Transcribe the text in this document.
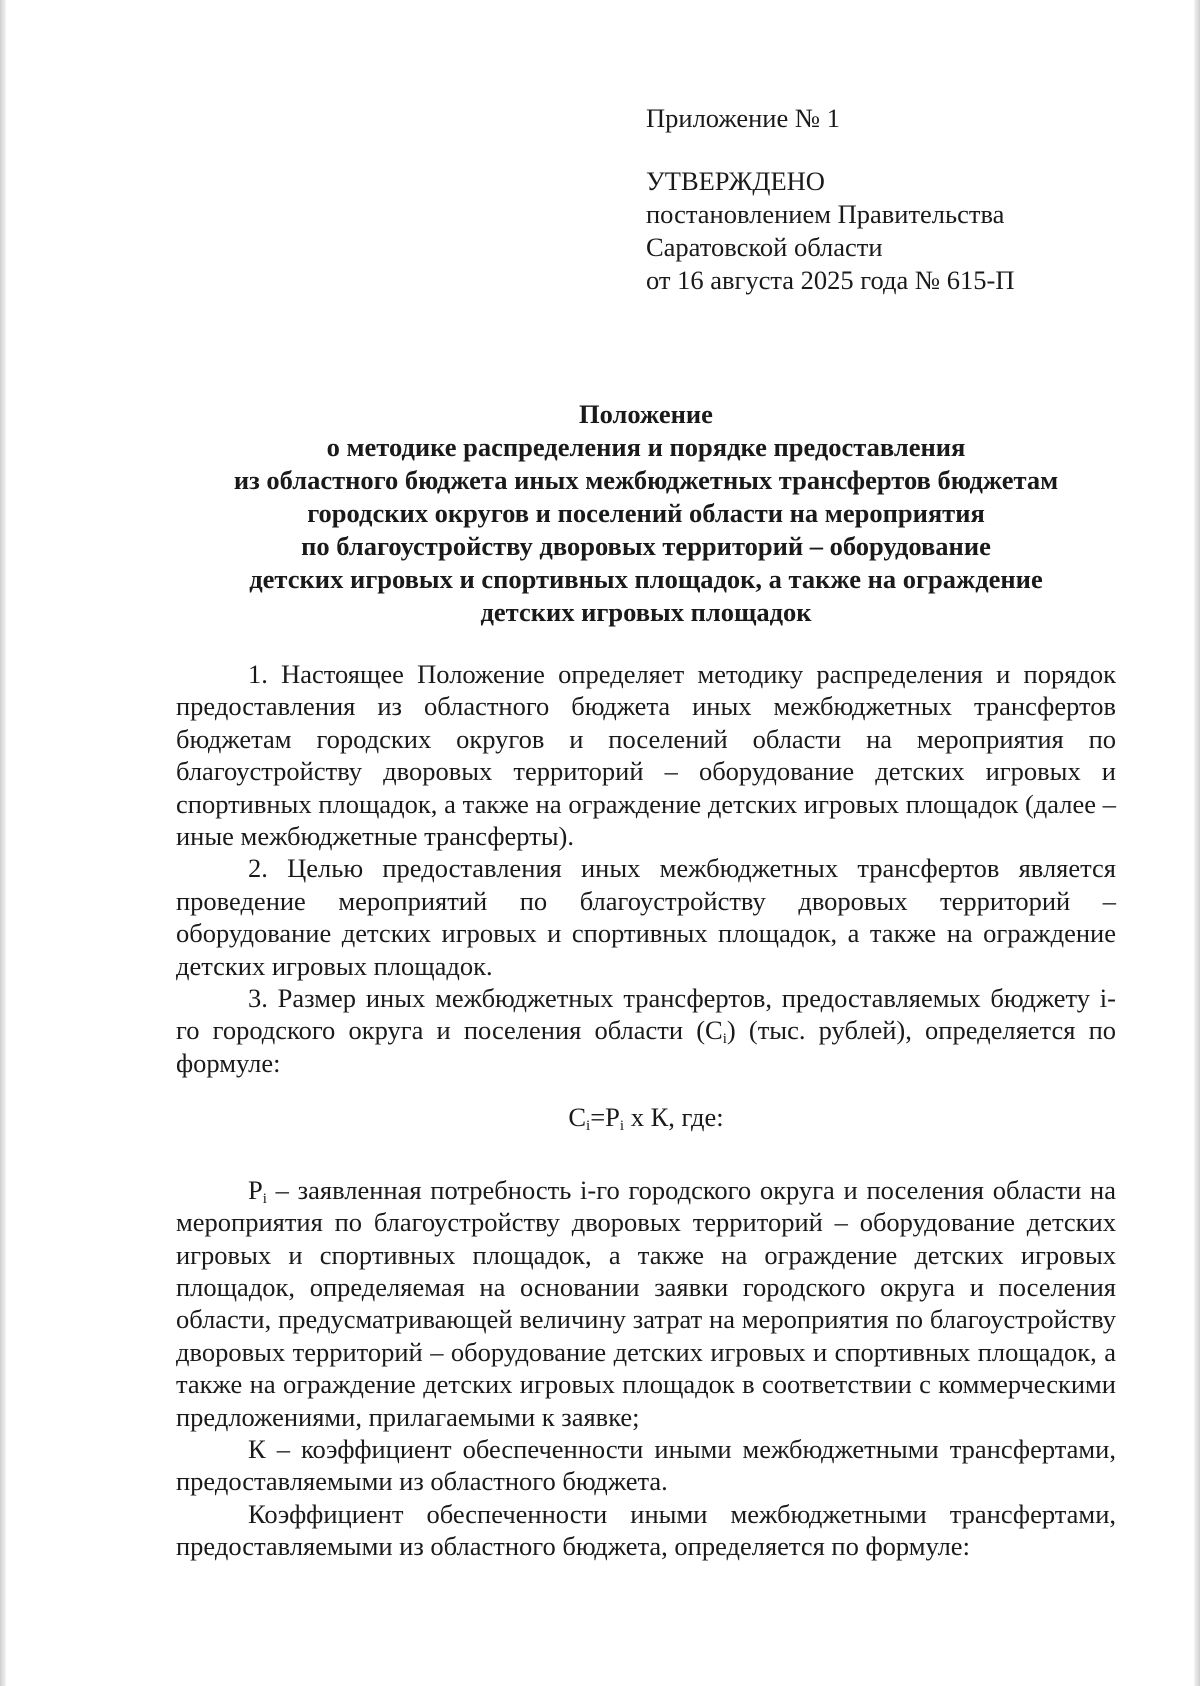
Приложение № 1
УТВЕРЖДЕНО
постановлением Правительства
Саратовской области
от 16 августа 2025 года № 615-П
Положение
о методике распределения и порядке предоставления
из областного бюджета иных межбюджетных трансфертов бюджетам
городских округов и поселений области на мероприятия
по благоустройству дворовых территорий – оборудование
детских игровых и спортивных площадок, а также на ограждение
детских игровых площадок

1. Настоящее Положение определяет методику распределения и порядок предоставления из областного бюджета иных межбюджетных трансфертов бюджетам городских округов и поселений области на мероприятия по благоустройству дворовых территорий – оборудование детских игровых и спортивных площадок, а также на ограждение детских игровых площадок (далее – иные межбюджетные трансферты).

2. Целью предоставления иных межбюджетных трансфертов является проведение мероприятий по благоустройству дворовых территорий – оборудование детских игровых и спортивных площадок, а также на ограждение детских игровых площадок.

3. Размер иных межбюджетных трансфертов, предоставляемых бюджету i-го городского округа и поселения области $(С_i)$ (тыс. рублей), определяется по формуле:

$С_i=Р_i$ х К, где:

$Р_i$ – заявленная потребность i-го городского округа и поселения области на мероприятия по благоустройству дворовых территорий – оборудование детских игровых и спортивных площадок, а также на ограждение детских игровых площадок, определяемая на основании заявки городского округа и поселения области, предусматривающей величину затрат на мероприятия по благоустройству дворовых территорий – оборудование детских игровых и спортивных площадок, а также на ограждение детских игровых площадок в соответствии с коммерческими предложениями, прилагаемыми к заявке;

К – коэффициент обеспеченности иными межбюджетными трансфертами, предоставляемыми из областного бюджета.

Коэффициент обеспеченности иными межбюджетными трансфертами, предоставляемыми из областного бюджета, определяется по формуле:
